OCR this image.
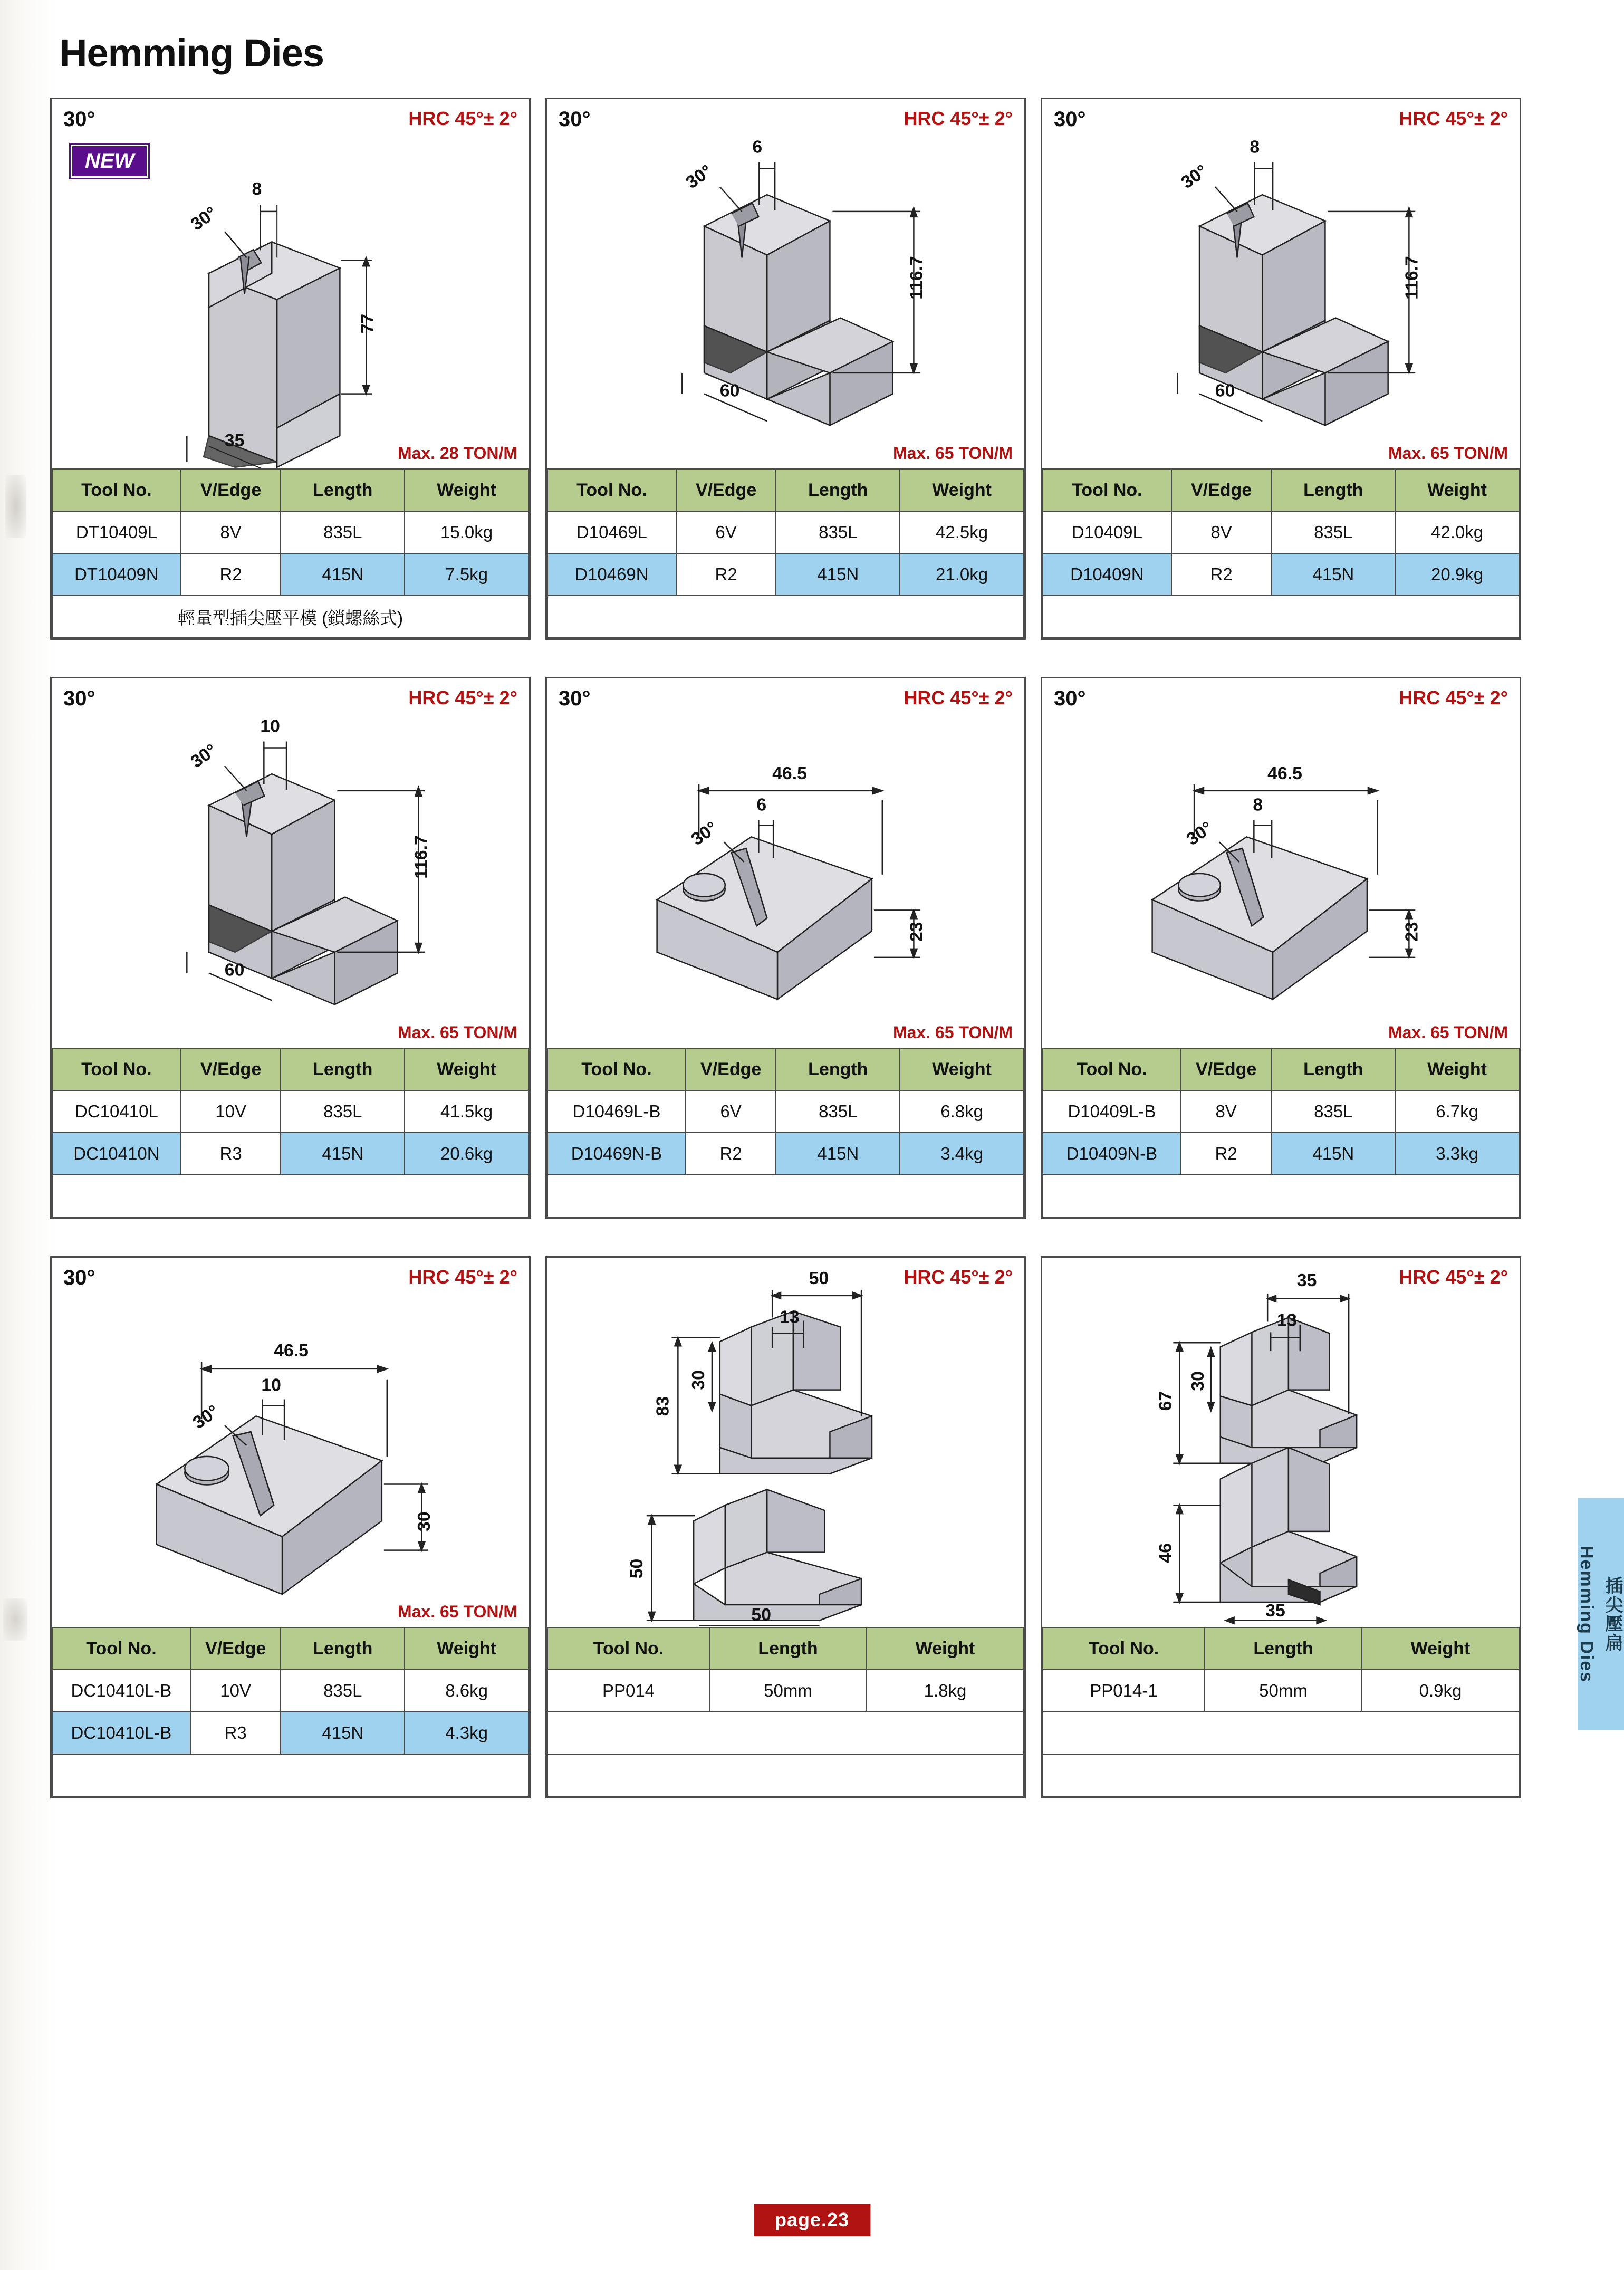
Hemming Dies
30°	HRC 45°± 2°
NEW
8
30°
77
35
Max. 28 TON/M
Tool No.	V/Edge	Length	Weight
DT10409L	8V	835L	15.0kg
DT10409N	R2	415N	7.5kg
輕量型插尖壓平模 (鎖螺絲式)			
30°	HRC 45°± 2°
6
30°
116.7
60
Max. 65 TON/M
Tool No.	V/Edge	Length	Weight
D10469L	6V	835L	42.5kg
D10469N	R2	415N	21.0kg

30°	HRC 45°± 2°
8
30°
116.7
60
Max. 65 TON/M
Tool No.	V/Edge	Length	Weight
D10409L	8V	835L	42.0kg
D10409N	R2	415N	20.9kg

30°	HRC 45°± 2°
10
30°
116.7
60
Max. 65 TON/M
Tool No.	V/Edge	Length	Weight
DC10410L	10V	835L	41.5kg
DC10410N	R3	415N	20.6kg

30°	HRC 45°± 2°
46.5
6
30°
23
Max. 65 TON/M
Tool No.	V/Edge	Length	Weight
D10469L-B	6V	835L	6.8kg
D10469N-B	R2	415N	3.4kg

30°	HRC 45°± 2°
46.5
8
30°
23
Max. 65 TON/M
Tool No.	V/Edge	Length	Weight
D10409L-B	8V	835L	6.7kg
D10409N-B	R2	415N	3.3kg

30°	HRC 45°± 2°
46.5
10
30°
30
Max. 65 TON/M
Tool No.	V/Edge	Length	Weight
DC10410L-B	10V	835L	8.6kg
DC10410L-B	R3	415N	4.3kg

HRC 45°± 2°
50
13
83
30
50
50
Tool No.	Length	Weight
PP014	50mm	1.8kg

HRC 45°± 2°
35
13
67
30
46
35
Tool No.	Length	Weight
PP014-1	50mm	0.9kg

Hemming Dies 插尖壓扁
page.23
